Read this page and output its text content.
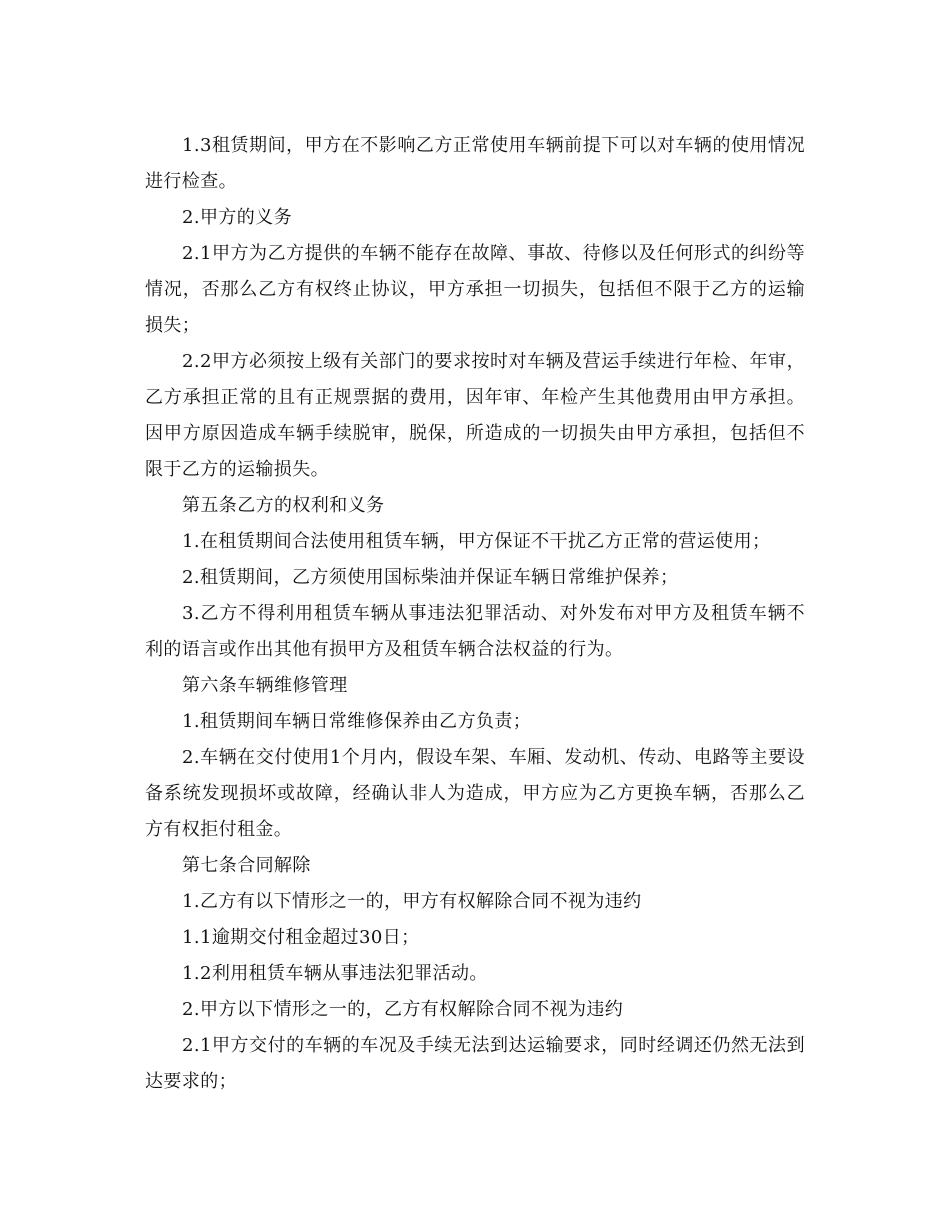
1.3租赁期间，甲方在不影响乙方正常使用车辆前提下可以对车辆的使用情况进行检查。

2.甲方的义务

2.1甲方为乙方提供的车辆不能存在故障、事故、待修以及任何形式的纠纷等情况，否那么乙方有权终止协议，甲方承担一切损失，包括但不限于乙方的运输损失；

2.2甲方必须按上级有关部门的要求按时对车辆及营运手续进行年检、年审，乙方承担正常的且有正规票据的费用，因年审、年检产生其他费用由甲方承担。因甲方原因造成车辆手续脱审，脱保，所造成的一切损失由甲方承担，包括但不限于乙方的运输损失。

第五条乙方的权利和义务

1.在租赁期间合法使用租赁车辆，甲方保证不干扰乙方正常的营运使用；

2.租赁期间，乙方须使用国标柴油并保证车辆日常维护保养；

3.乙方不得利用租赁车辆从事违法犯罪活动、对外发布对甲方及租赁车辆不利的语言或作出其他有损甲方及租赁车辆合法权益的行为。

第六条车辆维修管理

1.租赁期间车辆日常维修保养由乙方负责；

2.车辆在交付使用1个月内，假设车架、车厢、发动机、传动、电路等主要设备系统发现损坏或故障，经确认非人为造成，甲方应为乙方更换车辆，否那么乙方有权拒付租金。

第七条合同解除

1.乙方有以下情形之一的，甲方有权解除合同不视为违约

1.1逾期交付租金超过30日；

1.2利用租赁车辆从事违法犯罪活动。

2.甲方以下情形之一的，乙方有权解除合同不视为违约

2.1甲方交付的车辆的车况及手续无法到达运输要求，同时经调还仍然无法到达要求的；
